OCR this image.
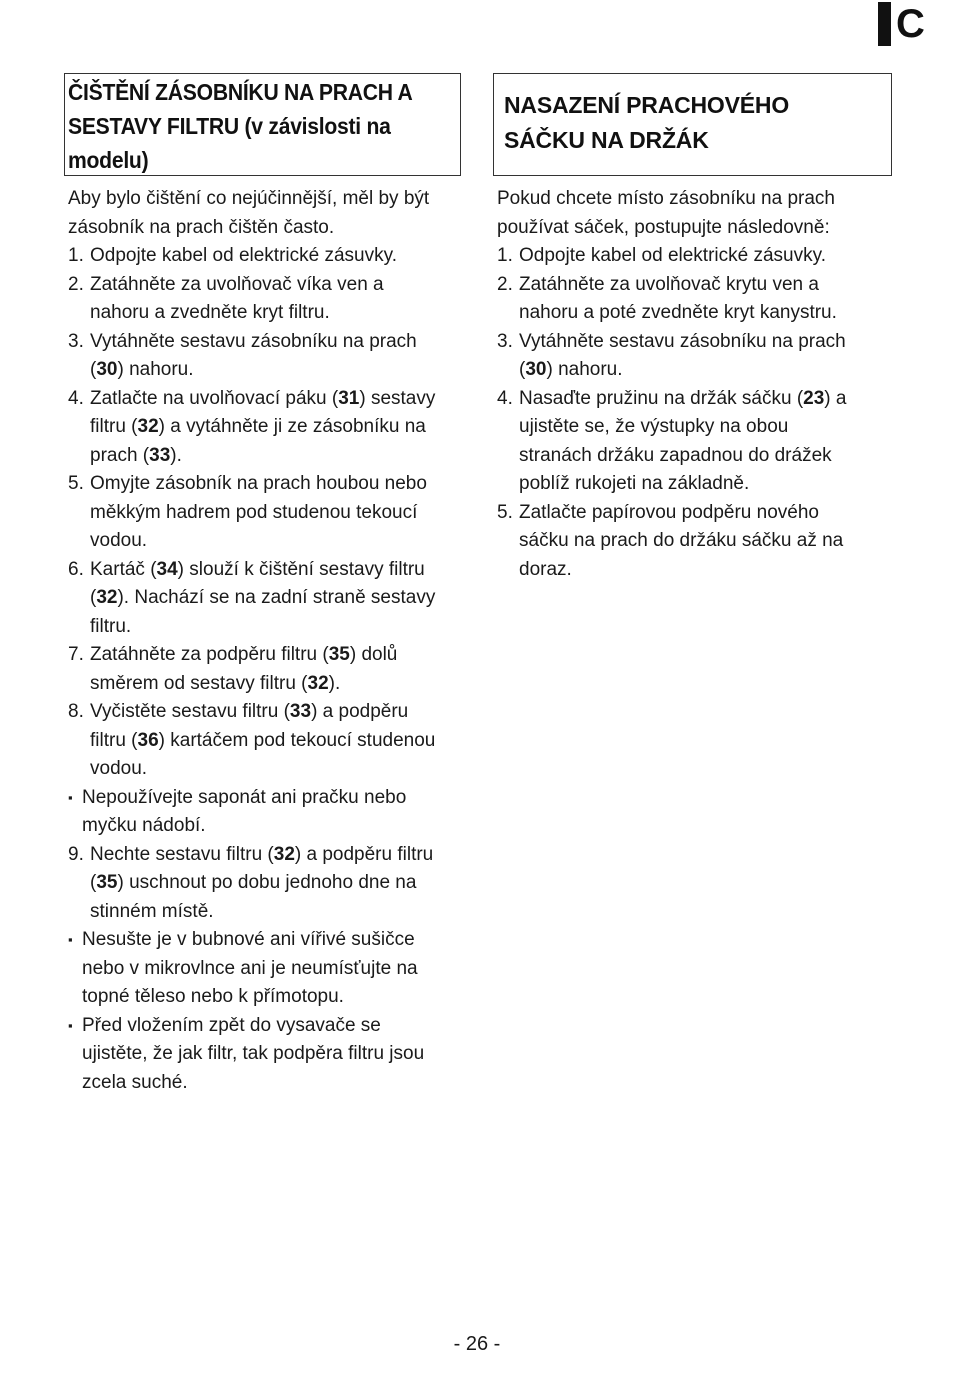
C
ČIŠTĚNÍ ZÁSOBNÍKU NA PRACH A
SESTAVY FILTRU (v závislosti na
modelu)

Aby bylo čištění co nejúčinnější, měl by být
zásobník na prach čištěn často.

1. Odpojte kabel od elektrické zásuvky.
2. Zatáhněte za uvolňovač víka ven a
nahoru a zvedněte kryt filtru.
3. Vytáhněte sestavu zásobníku na prach
(30) nahoru.
4. Zatlačte na uvolňovací páku (31) sestavy
filtru (32) a vytáhněte ji ze zásobníku na
prach (33).
5. Omyjte zásobník na prach houbou nebo
měkkým hadrem pod studenou tekoucí
vodou.
6. Kartáč (34) slouží k čištění sestavy filtru
(32). Nachází se na zadní straně sestavy
filtru.
7. Zatáhněte za podpěru filtru (35) dolů
směrem od sestavy filtru (32).
8. Vyčistěte sestavu filtru (33) a podpěru
filtru (36) kartáčem pod tekoucí studenou
vodou.
▪ Nepoužívejte saponát ani pračku nebo
myčku nádobí.
9. Nechte sestavu filtru (32) a podpěru filtru
(35) uschnout po dobu jednoho dne na
stinném místě.
▪ Nesušte je v bubnové ani vířivé sušičce
nebo v mikrovlnce ani je neumísťujte na
topné těleso nebo k přímotopu.
▪ Před vložením zpět do vysavače se
ujistěte, že jak filtr, tak podpěra filtru jsou
zcela suché.
NASAZENÍ PRACHOVÉHO
SÁČKU NA DRŽÁK

Pokud chcete místo zásobníku na prach
používat sáček, postupujte následovně:

1. Odpojte kabel od elektrické zásuvky.
2. Zatáhněte za uvolňovač krytu ven a
nahoru a poté zvedněte kryt kanystru.
3. Vytáhněte sestavu zásobníku na prach
(30) nahoru.
4. Nasaďte pružinu na držák sáčku (23) a
ujistěte se, že výstupky na obou
stranách držáku zapadnou do drážek
poblíž rukojeti na základně.
5. Zatlačte papírovou podpěru nového
sáčku na prach do držáku sáčku až na
doraz.
- 26 -
